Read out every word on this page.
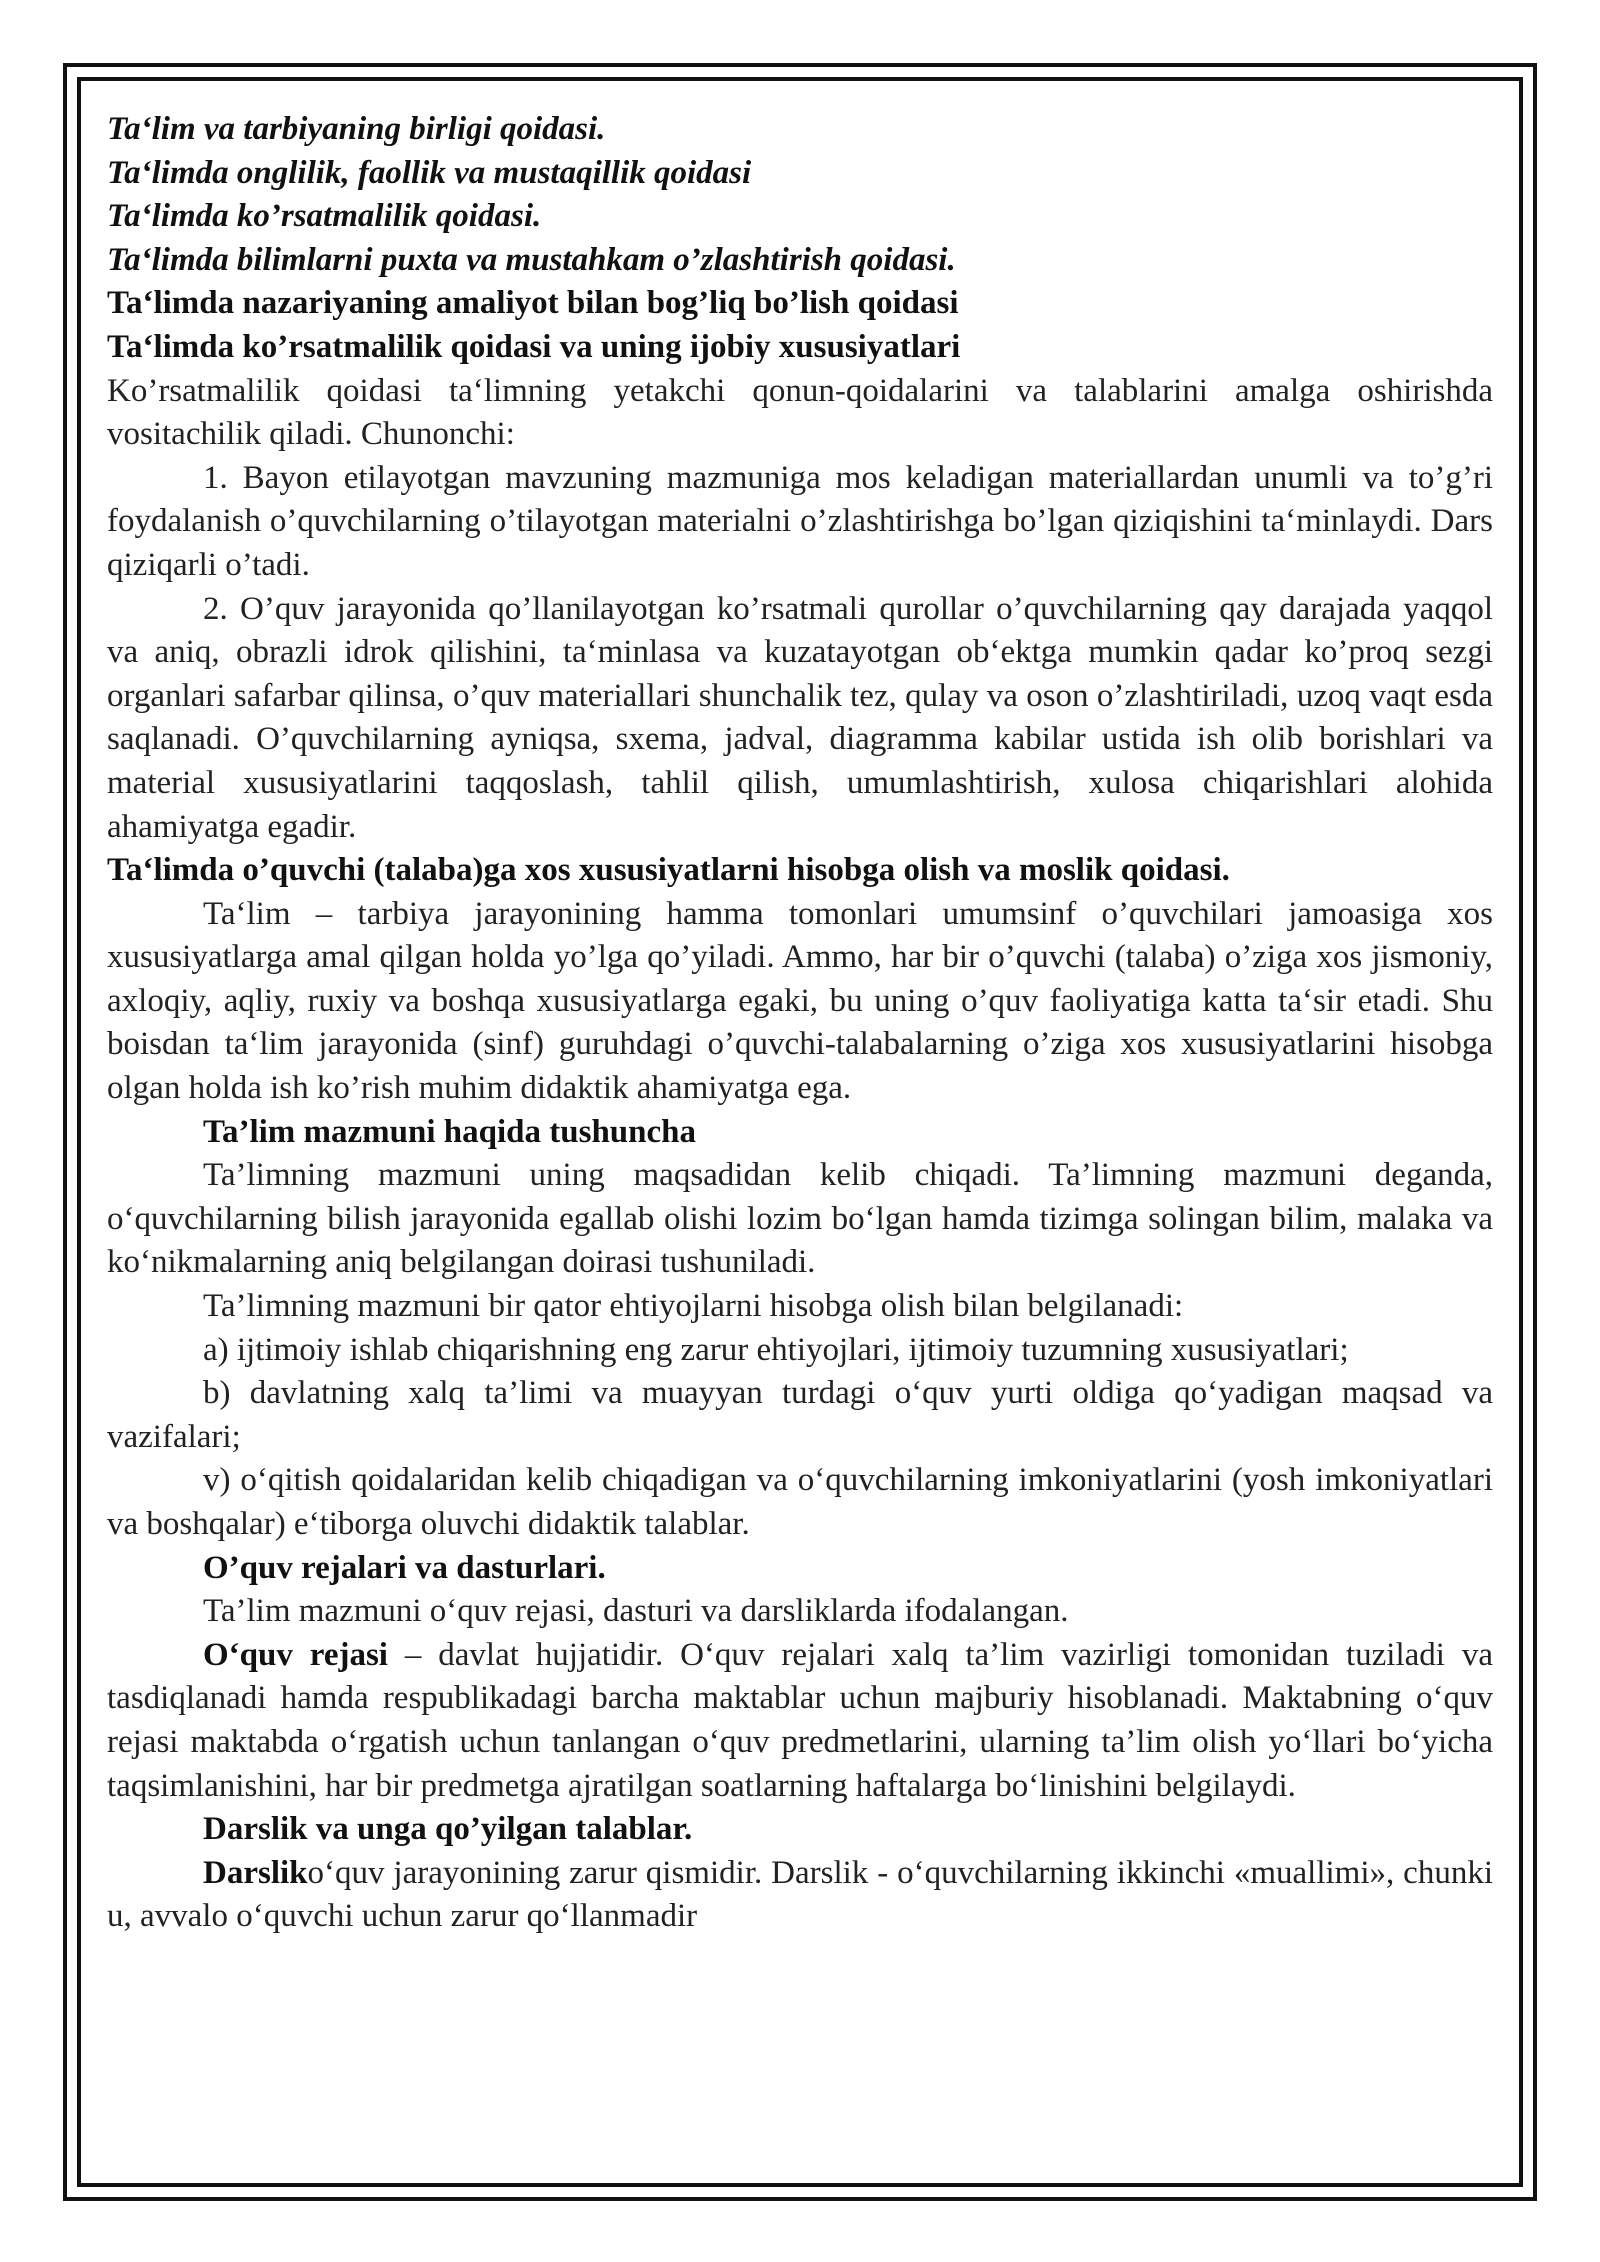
Ta‘lim va tarbiyaning birligi qoidasi.

Ta‘limda onglilik, faollik va mustaqillik qoidasi

Ta‘limda ko’rsatmalilik qoidasi.

Ta‘limda bilimlarni puxta va mustahkam o’zlashtirish qoidasi.

Ta‘limda nazariyaning amaliyot bilan bog’liq bo’lish qoidasi

Ta‘limda ko’rsatmalilik qoidasi va uning ijobiy xususiyatlari

Ko’rsatmalilik qoidasi ta‘limning yetakchi qonun-qoidalarini va talablarini amalga oshirishda vositachilik qiladi. Chunonchi:

1. Bayon etilayotgan mavzuning mazmuniga mos keladigan materiallardan unumli va to’g’ri foydalanish o’quvchilarning o’tilayotgan materialni o’zlashtirishga bo’lgan qiziqishini ta‘minlaydi. Dars qiziqarli o’tadi.

2. O’quv jarayonida qo’llanilayotgan ko’rsatmali qurollar o’quvchilarning qay darajada yaqqol va aniq, obrazli idrok qilishini, ta‘minlasa va kuzatayotgan ob‘ektga mumkin qadar ko’proq sezgi organlari safarbar qilinsa, o’quv materiallari shunchalik tez, qulay va oson o’zlashtiriladi, uzoq vaqt esda saqlanadi. O’quvchilarning ayniqsa, sxema, jadval, diagramma kabilar ustida ish olib borishlari va material xususiyatlarini taqqoslash, tahlil qilish, umumlashtirish, xulosa chiqarishlari alohida ahamiyatga egadir.

Ta‘limda o’quvchi (talaba)ga xos xususiyatlarni hisobga olish va moslik qoidasi.

Ta‘lim – tarbiya jarayonining hamma tomonlari umumsinf o’quvchilari jamoasiga xos xususiyatlarga amal qilgan holda yo’lga qo’yiladi. Ammo, har bir o’quvchi (talaba) o’ziga xos jismoniy, axloqiy, aqliy, ruxiy va boshqa xususiyatlarga egaki, bu uning o’quv faoliyatiga katta ta‘sir etadi. Shu boisdan ta‘lim jarayonida (sinf) guruhdagi o’quvchi-talabalarning o’ziga xos xususiyatlarini hisobga olgan holda ish ko’rish muhim didaktik ahamiyatga ega.

Ta’lim mazmuni haqida tushuncha

Ta’limning mazmuni uning maqsadidan kelib chiqadi. Ta’limning mazmuni deganda, o‘quvchilarning bilish jarayonida egallab olishi lozim bo‘lgan hamda tizimga solingan bilim, malaka va ko‘nikmalarning aniq belgilangan doirasi tushuniladi.

Ta’limning mazmuni bir qator ehtiyojlarni hisobga olish bilan belgilanadi:

a) ijtimoiy ishlab chiqarishning eng zarur ehtiyojlari, ijtimoiy tuzumning xususiyatlari;

b) davlatning xalq ta’limi va muayyan turdagi o‘quv yurti oldiga qo‘yadigan maqsad va vazifalari;

v) o‘qitish qoidalaridan kelib chiqadigan va o‘quvchilarning imkoniyatlarini (yosh imkoniyatlari va boshqalar) e‘tiborga oluvchi didaktik talablar.

O’quv rejalari va dasturlari.

Ta’lim mazmuni o‘quv rejasi, dasturi va darsliklarda ifodalangan.

O‘quv rejasi – davlat hujjatidir. O‘quv rejalari xalq ta’lim vazirligi tomonidan tuziladi va tasdiqlanadi hamda respublikadagi barcha maktablar uchun majburiy hisoblanadi. Maktabning o‘quv rejasi maktabda o‘rgatish uchun tanlangan o‘quv predmetlarini, ularning ta’lim olish yo‘llari bo‘yicha taqsimlanishini, har bir predmetga ajratilgan soatlarning haftalarga bo‘linishini belgilaydi.

Darslik va unga qo’yilgan talablar.

Darsliko‘quv jarayonining zarur qismidir. Darslik - o‘quvchilarning ikkinchi «muallimi», chunki u, avvalo o‘quvchi uchun zarur qo‘llanmadir
